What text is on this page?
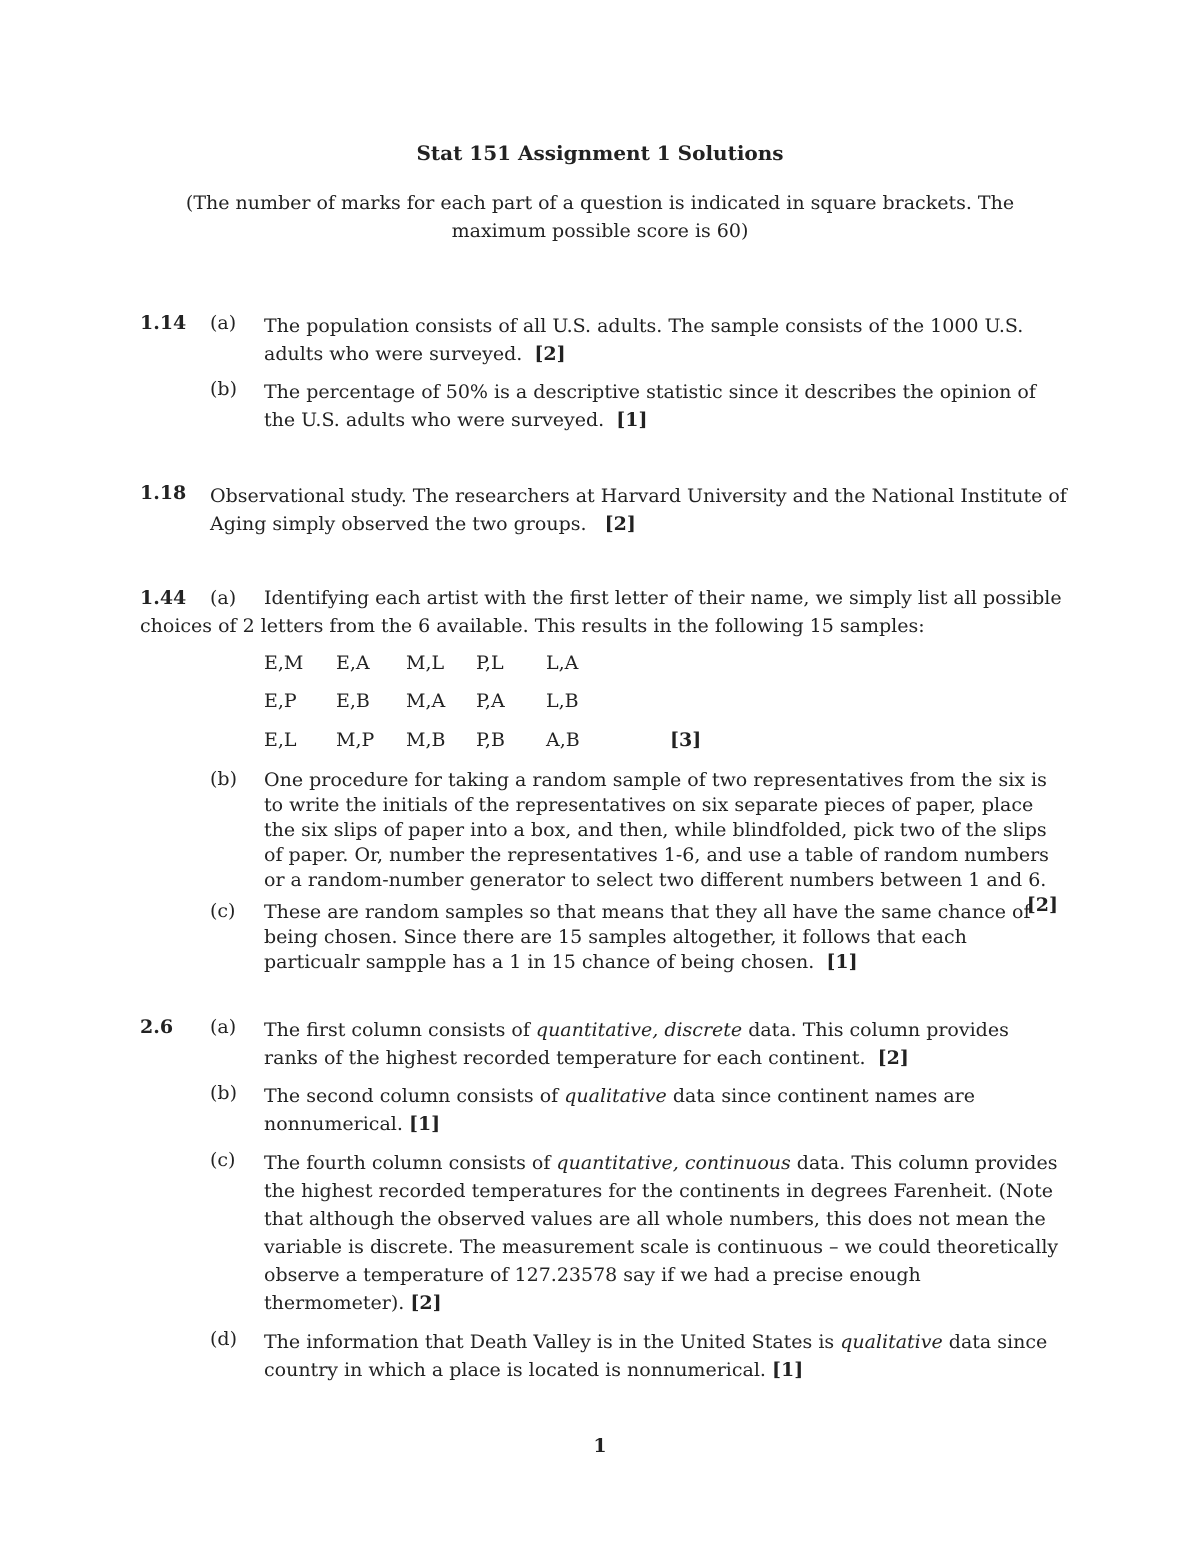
Stat 151 Assignment 1 Solutions
(The number of marks for each part of a question is indicated in square brackets. The maximum possible score is 60)
1.14 (a) The population consists of all U.S. adults. The sample consists of the 1000 U.S. adults who were surveyed. [2]
(b) The percentage of 50% is a descriptive statistic since it describes the opinion of the U.S. adults who were surveyed. [1]
1.18 Observational study. The researchers at Harvard University and the National Institute of Aging simply observed the two groups. [2]
1.44 (a) Identifying each artist with the first letter of their name, we simply list all possible
choices of 2 letters from the 6 available. This results in the following 15 samples:
E,M E,A M,L P,L L,A
E,P E,B M,A P,A L,B
E,L M,P M,B P,B A,B	[3]
(b) One procedure for taking a random sample of two representatives from the six is to write the initials of the representatives on six separate pieces of paper, place the six slips of paper into a box, and then, while blindfolded, pick two of the slips of paper. Or, number the representatives 1-6, and use a table of random numbers or a random-number generator to select two different numbers between 1 and 6.
[2]
(c) These are random samples so that means that they all have the same chance of being chosen. Since there are 15 samples altogether, it follows that each particualr sampple has a 1 in 15 chance of being chosen. [1]
2.6 (a) The first column consists of quantitative, discrete data. This column provides ranks of the highest recorded temperature for each continent. [2]
(b) The second column consists of qualitative data since continent names are nonnumerical. [1]
(c) The fourth column consists of quantitative, continuous data. This column provides the highest recorded temperatures for the continents in degrees Farenheit. (Note that although the observed values are all whole numbers, this does not mean the variable is discrete. The measurement scale is continuous – we could theoretically observe a temperature of 127.23578 say if we had a precise enough thermometer). [2]
(d) The information that Death Valley is in the United States is qualitative data since country in which a place is located is nonnumerical. [1]
1
